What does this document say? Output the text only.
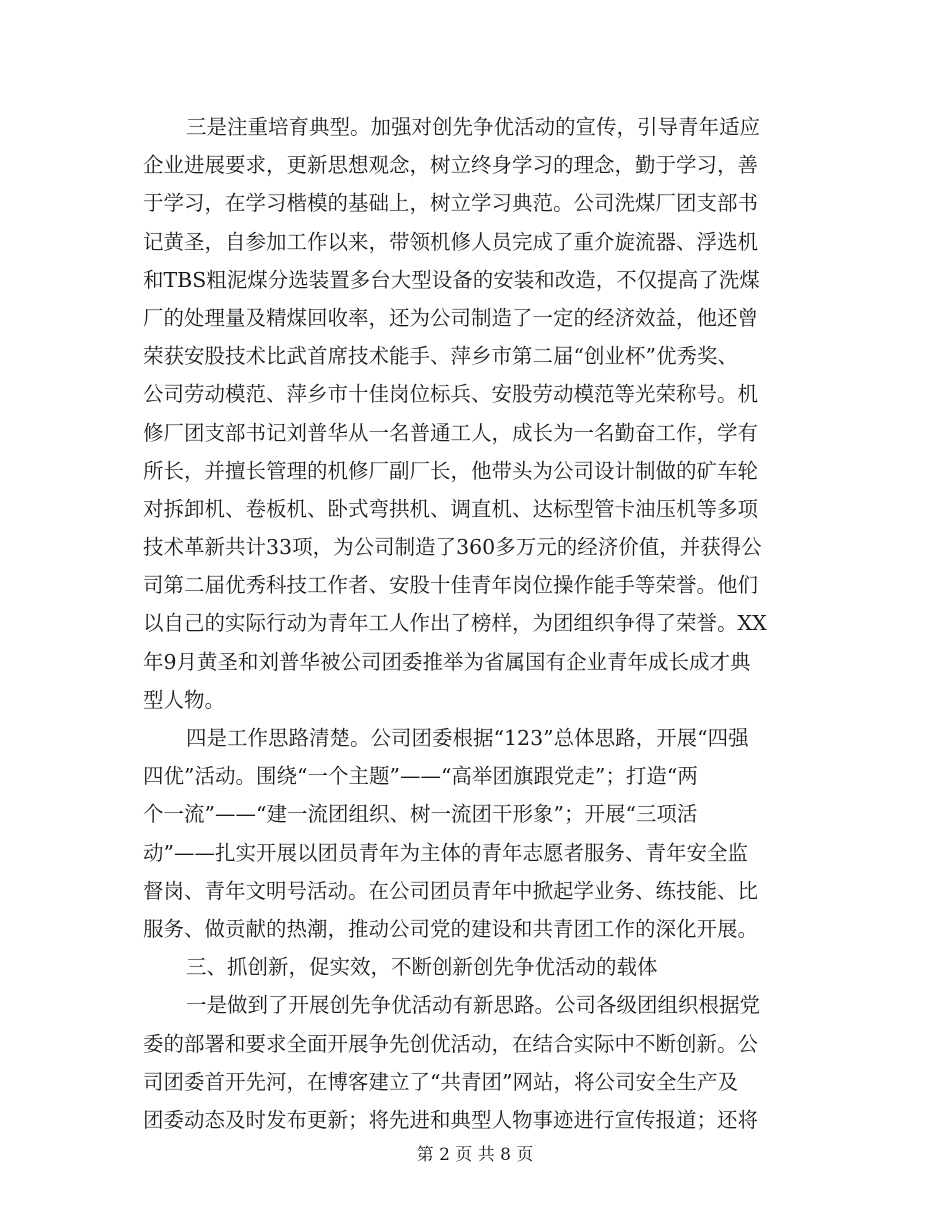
三是注重培育典型。加强对创先争优活动的宣传，引导青年适应
企业进展要求，更新思想观念，树立终身学习的理念，勤于学习，善
于学习，在学习楷模的基础上，树立学习典范。公司洗煤厂团支部书
记黄圣，自参加工作以来，带领机修人员完成了重介旋流器、浮选机
和TBS粗泥煤分选装置多台大型设备的安装和改造，不仅提高了洗煤
厂的处理量及精煤回收率，还为公司制造了一定的经济效益，他还曾
荣获安股技术比武首席技术能手、萍乡市第二届“创业杯”优秀奖、
公司劳动模范、萍乡市十佳岗位标兵、安股劳动模范等光荣称号。机
修厂团支部书记刘普华从一名普通工人，成长为一名勤奋工作，学有
所长，并擅长管理的机修厂副厂长，他带头为公司设计制做的矿车轮
对拆卸机、卷板机、卧式弯拱机、调直机、达标型管卡油压机等多项
技术革新共计33项，为公司制造了360多万元的经济价值，并获得公
司第二届优秀科技工作者、安股十佳青年岗位操作能手等荣誉。他们
以自己的实际行动为青年工人作出了榜样，为团组织争得了荣誉。XX
年9月黄圣和刘普华被公司团委推举为省属国有企业青年成长成才典
型人物。
四是工作思路清楚。公司团委根据“123”总体思路，开展“四强
四优”活动。围绕“一个主题”——“高举团旗跟党走”；打造“两
个一流”——“建一流团组织、树一流团干形象”；开展“三项活
动”——扎实开展以团员青年为主体的青年志愿者服务、青年安全监
督岗、青年文明号活动。在公司团员青年中掀起学业务、练技能、比
服务、做贡献的热潮，推动公司党的建设和共青团工作的深化开展。
三、抓创新，促实效，不断创新创先争优活动的载体
一是做到了开展创先争优活动有新思路。公司各级团组织根据党
委的部署和要求全面开展争先创优活动，在结合实际中不断创新。公
司团委首开先河，在博客建立了“共青团”网站，将公司安全生产及
团委动态及时发布更新；将先进和典型人物事迹进行宣传报道；还将
第 2 页 共 8 页
